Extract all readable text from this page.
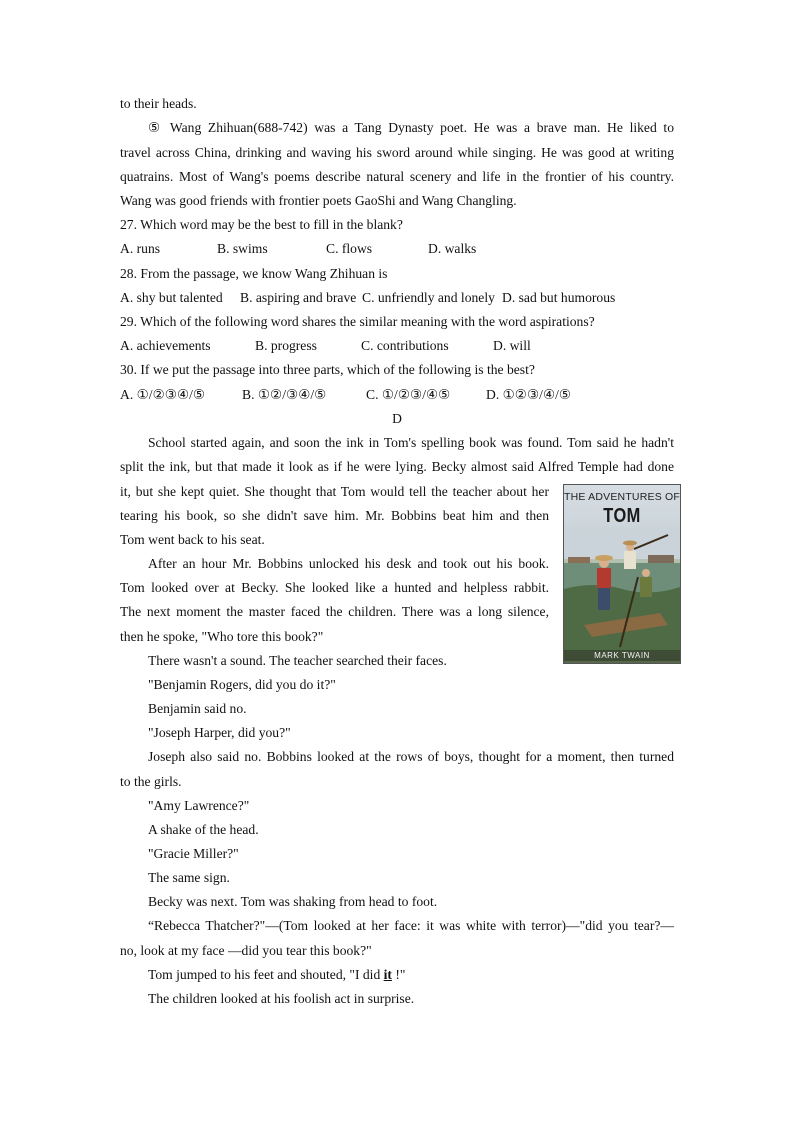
to their heads.
⑤ Wang Zhihuan(688-742) was a Tang Dynasty poet. He was a brave man. He liked to
travel across China, drinking and waving his sword around while singing. He was good at writing
quatrains. Most of Wang's poems describe natural scenery and life in the frontier of his country.
Wang was good friends with frontier poets GaoShi and Wang Changling.
27. Which word may be the best to fill in the blank?
A. runs	B. swims	C. flows	D. walks
28. From the passage, we know Wang Zhihuan is
A. shy but talented B. aspiring and brave C. unfriendly and lonely D. sad but humorous
29. Which of the following word shares the similar meaning with the word aspirations?
A. achievements	B. progress	C. contributions	D. will
30. If we put the passage into three parts, which of the following is the best?
A. ①/②③④/⑤	B. ①②/③④/⑤	C. ①/②③/④⑤	D. ①②③/④/⑤
D
School started again, and soon the ink in Tom's spelling book was found. Tom said he hadn't
split the ink, but that made it look as if he were lying. Becky almost said Alfred Temple had done
it, but she kept quiet. She thought that Tom would tell the teacher about her
tearing his book, so she didn't save him. Mr. Bobbins beat him and then
Tom went back to his seat.
After an hour Mr. Bobbins unlocked his desk and took out his book.
Tom looked over at Becky. She looked like a hunted and helpless rabbit.
The next moment the master faced the children. There was a long silence,
then he spoke, "Who tore this book?"
There wasn't a sound. The teacher searched their faces.
"Benjamin Rogers, did you do it?"
Benjamin said no.
"Joseph Harper, did you?"
Joseph also said no. Bobbins looked at the rows of boys, thought for a moment, then turned
to the girls.
"Amy Lawrence?"
A shake of the head.
"Gracie Miller?"
The same sign.
Becky was next. Tom was shaking from head to foot.
“Rebecca Thatcher?"—(Tom looked at her face: it was white with terror)—"did you tear?—
no, look at my face —did you tear this book?"
Tom jumped to his feet and shouted, "I did it !"
The children looked at his foolish act in surprise.
THE ADVENTURES OF
TOM
MARK TWAIN
